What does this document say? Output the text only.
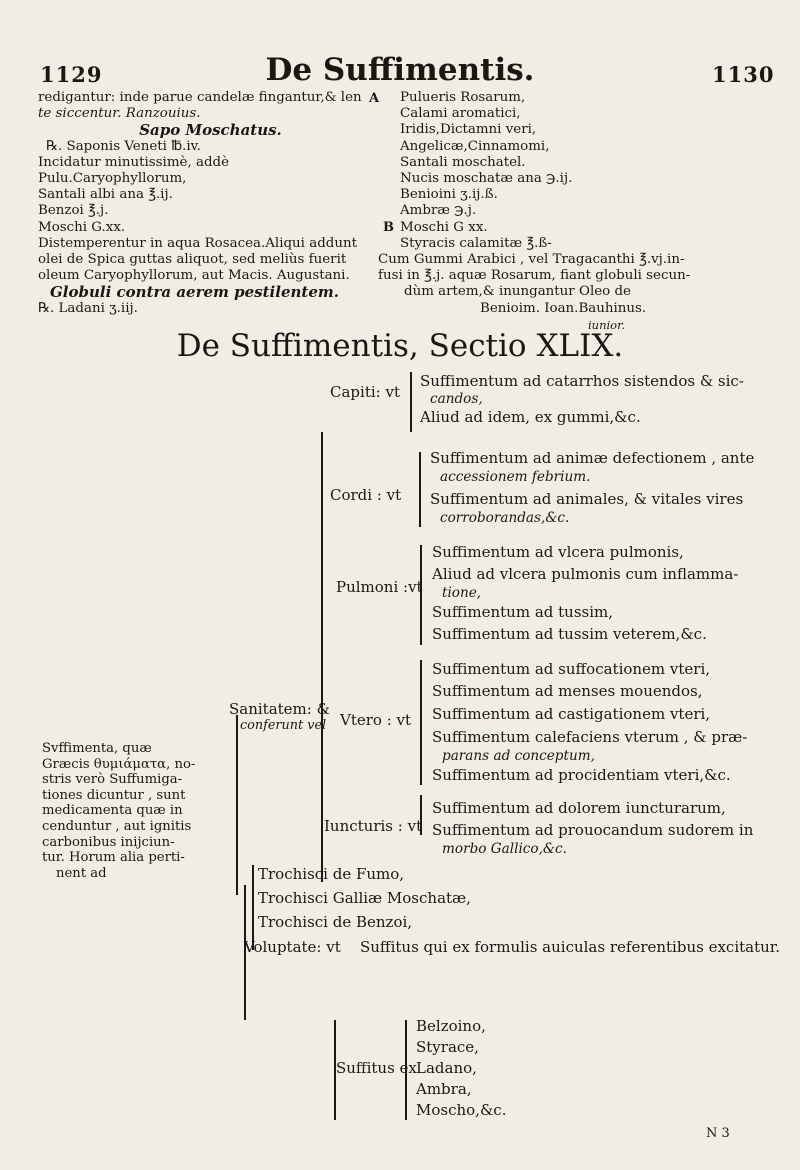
1129	De Suffimentis.	1130
redigantur: inde parue candelæ fingantur,& len
te siccentur. Ranzouius.
Sapo Moschatus.
℞. Saponis Veneti ℔.iv.
Incidatur minutissimè, addè
Pulu.Caryophyllorum,
Santali albi ana ℥.ij.
Benzoi ℥.j.
Moschi G.xx.
Distemperentur in aqua Rosacea.Aliqui addunt
olei de Spica guttas aliquot, sed meliùs fuerit
oleum Caryophyllorum, aut Macis. Augustani.
Globuli contra aerem pestilentem.
℞. Ladani ʒ.iij.
A
B
Pulueris Rosarum,
Calami aromatici,
Iridis,Dictamni veri,
Angelicæ,Cinnamomi,
Santali moschatel.
Nucis moschatæ ana ℈.ij.
Benioini ʒ.ij.ß.
Ambræ ℈.j.
Moschi G xx.
Styracis calamitæ ℥.ß-
Cum Gummi Arabici , vel Tragacanthi ℥.vj.in-
fusi in ℥.j. aquæ Rosarum, fiant globuli secun-
dùm artem,& inungantur Oleo de
Benioim. Ioan.Bauhinus.
iunior.
De Suffimentis, Sectio XLIX.
Svffimenta, quæ
Græcis θυμιάματα, no-
stris verò Suffumiga-
tiones dicuntur , sunt
medicamenta quæ in
cenduntur , aut ignitis
carbonibus inijciun-
tur. Horum alia perti-
nent ad
Sanitatem: &
conferunt vel
Capiti: vt
Suffimentum ad catarrhos sistendos & sic-
candos,
Aliud ad idem, ex gummi,&c.
Cordi : vt
Suffimentum ad animæ defectionem , ante
accessionem febrium.
Suffimentum ad animales, & vitales vires
corroborandas,&c.
Pulmoni :vt
Suffimentum ad vlcera pulmonis,
Aliud ad vlcera pulmonis cum inflamma-
tione,
Suffimentum ad tussim,
Suffimentum ad tussim veterem,&c.
Vtero : vt
Suffimentum ad suffocationem vteri,
Suffimentum ad menses mouendos,
Suffimentum ad castigationem vteri,
Suffimentum calefaciens vterum , & præ-
parans ad conceptum,
Suffimentum ad procidentiam vteri,&c.
Iuncturis : vt
Suffimentum ad dolorem iuncturarum,
Suffimentum ad prouocandum sudorem in
morbo Gallico,&c.
Trochisci de Fumo,
Trochisci Galliæ Moschatæ,
Trochisci de Benzoi,
Voluptate: vt Suffitus qui ex formulis auiculas referentibus excitatur.
Suffitus ex
Belzoino,
Styrace,
Ladano,
Ambra,
Moscho,&c.
N 3
